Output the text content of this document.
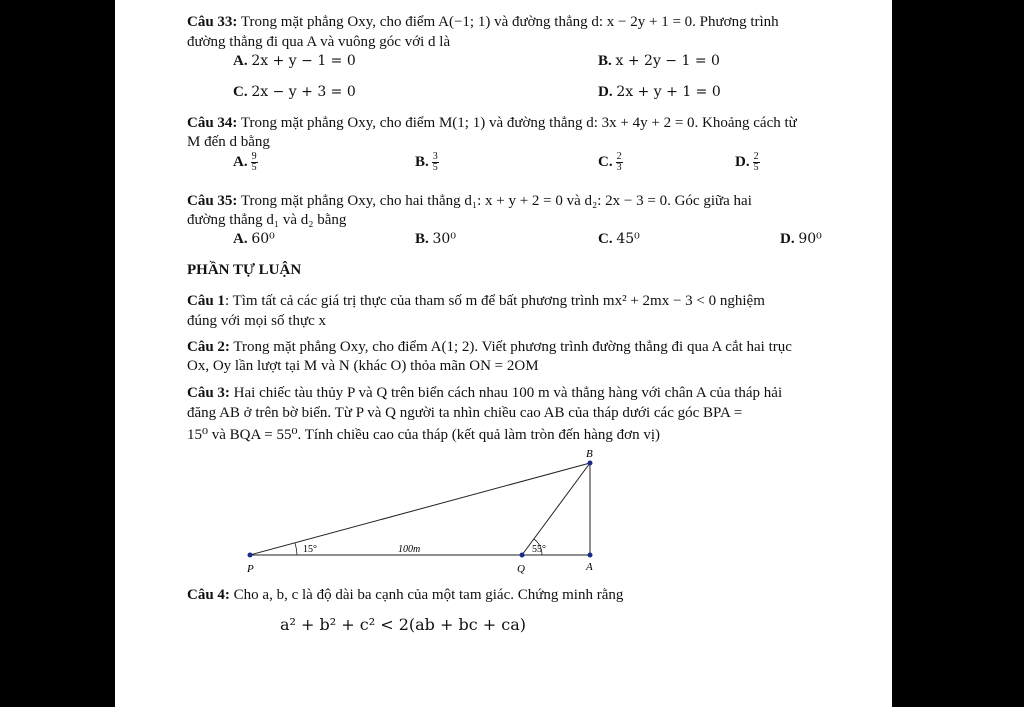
Câu 33: Trong mặt phẳng Oxy, cho điểm A(−1; 1) và đường thẳng d: x − 2y + 1 = 0. Phương trình
đường thẳng đi qua A và vuông góc với d là
A. 2x + y − 1 = 0	B. x + 2y − 1 = 0
C. 2x − y + 3 = 0	D. 2x + y + 1 = 0
Câu 34: Trong mặt phẳng Oxy, cho điểm M(1; 1) và đường thẳng d: 3x + 4y + 2 = 0. Khoảng cách từ
M đến d bằng
A. $\frac{9}{5}$	B. $\frac{3}{5}$	C. $\frac{2}{3}$	D. $\frac{2}{5}$
Câu 35: Trong mặt phẳng Oxy, cho hai thẳng d₁: x + y + 2 = 0 và d₂: 2x − 3 = 0. Góc giữa hai
đường thẳng d₁ và d₂ bằng
A. 60⁰	B. 30⁰	C. 45⁰	D. 90⁰
PHẦN TỰ LUẬN
Câu 1: Tìm tất cả các giá trị thực của tham số m để bất phương trình mx² + 2mx − 3 < 0 nghiệm
đúng với mọi số thực x
Câu 2: Trong mặt phẳng Oxy, cho điểm A(1; 2). Viết phương trình đường thẳng đi qua A cắt hai trục
Ox, Oy lần lượt tại M và N (khác O) thỏa mãn ON = 2OM
Câu 3: Hai chiếc tàu thủy P và Q trên biển cách nhau 100 m và thẳng hàng với chân A của tháp hải
đăng AB ở trên bờ biển. Từ P và Q người ta nhìn chiều cao AB của tháp dưới các góc BPA =
15⁰ và BQA = 55⁰. Tính chiều cao của tháp (kết quả làm tròn đến hàng đơn vị)
B
P	Q	A
15°	55°
100m
Câu 4: Cho a, b, c là độ dài ba cạnh của một tam giác. Chứng minh rằng
a² + b² + c² < 2(ab + bc + ca)
